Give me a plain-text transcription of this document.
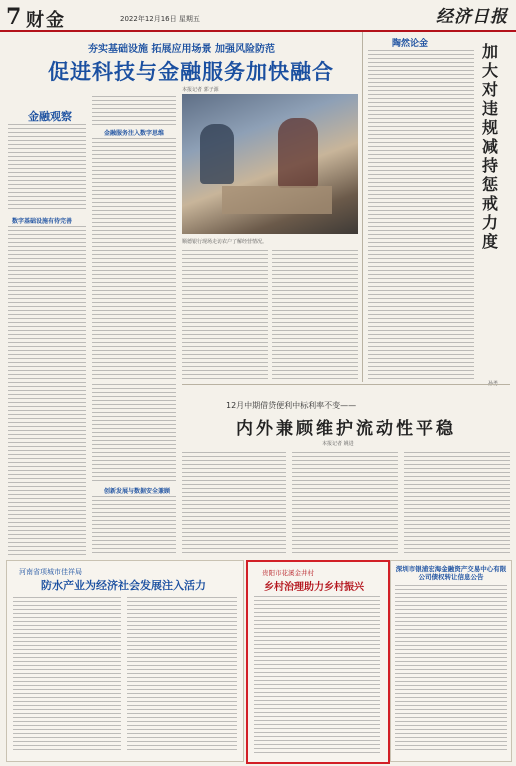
7 财金	2022年12月16日 星期五	经济日报
夯实基础设施 拓展应用场景 加强风险防范
促进科技与金融服务加快融合
本报记者 郭子源
金融观察
数字基础设施有待完善
金融服务注入数字思维
创新发展与数据安全兼顾
顺德银行现场走访农户了解经营情况。
陶然论金	加大对违规减持惩戒力度
孙勇
12月中期借贷便利中标利率不变——
内外兼顾维护流动性平稳
本报记者 姚进
河南省项城市佳祥局
防水产业为经济社会发展注入活力
贵阳市花溪金井村
乡村治理助力乡村振兴
深圳市银浦宏海金融资产交易中心有限公司债权转让信息公告
